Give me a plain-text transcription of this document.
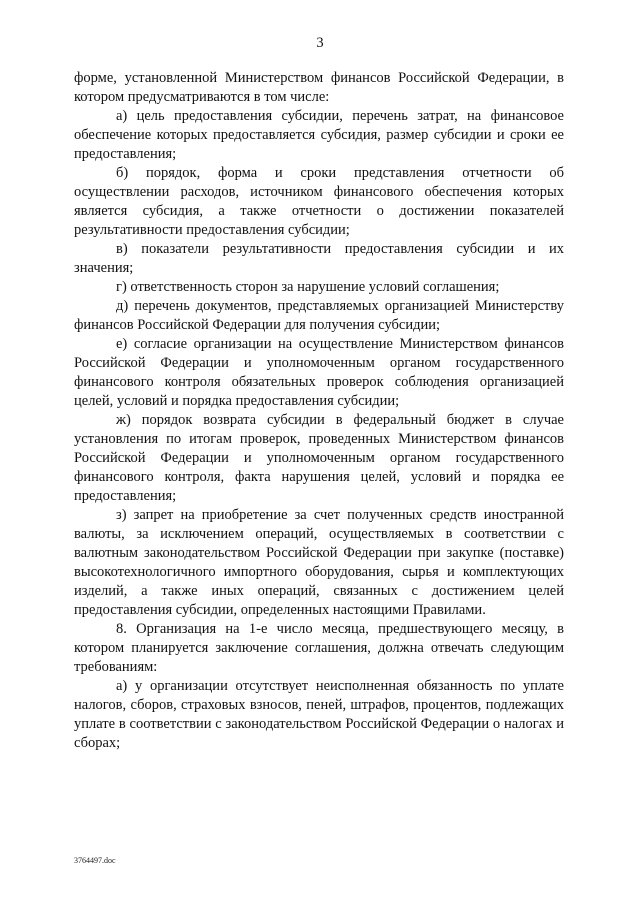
3

форме, установленной Министерством финансов Российской Федерации, в котором предусматриваются в том числе:

а) цель предоставления субсидии, перечень затрат, на финансовое обеспечение которых предоставляется субсидия, размер субсидии и сроки ее предоставления;

б) порядок, форма и сроки представления отчетности об осуществлении расходов, источником финансового обеспечения которых является субсидия, а также отчетности о достижении показателей результативности предоставления субсидии;

в) показатели результативности предоставления субсидии и их значения;

г) ответственность сторон за нарушение условий соглашения;

д) перечень документов, представляемых организацией Министерству финансов Российской Федерации для получения субсидии;

е) согласие организации на осуществление Министерством финансов Российской Федерации и уполномоченным органом государственного финансового контроля обязательных проверок соблюдения организацией целей, условий и порядка предоставления субсидии;

ж) порядок возврата субсидии в федеральный бюджет в случае установления по итогам проверок, проведенных Министерством финансов Российской Федерации и уполномоченным органом государственного финансового контроля, факта нарушения целей, условий и порядка ее предоставления;

з) запрет на приобретение за счет полученных средств иностранной валюты, за исключением операций, осуществляемых в соответствии с валютным законодательством Российской Федерации при закупке (поставке) высокотехнологичного импортного оборудования, сырья и комплектующих изделий, а также иных операций, связанных с достижением целей предоставления субсидии, определенных настоящими Правилами.

8. Организация на 1-е число месяца, предшествующего месяцу, в котором планируется заключение соглашения, должна отвечать следующим требованиям:

а) у организации отсутствует неисполненная обязанность по уплате налогов, сборов, страховых взносов, пеней, штрафов, процентов, подлежащих уплате в соответствии с законодательством Российской Федерации о налогах и сборах;

3764497.doc
